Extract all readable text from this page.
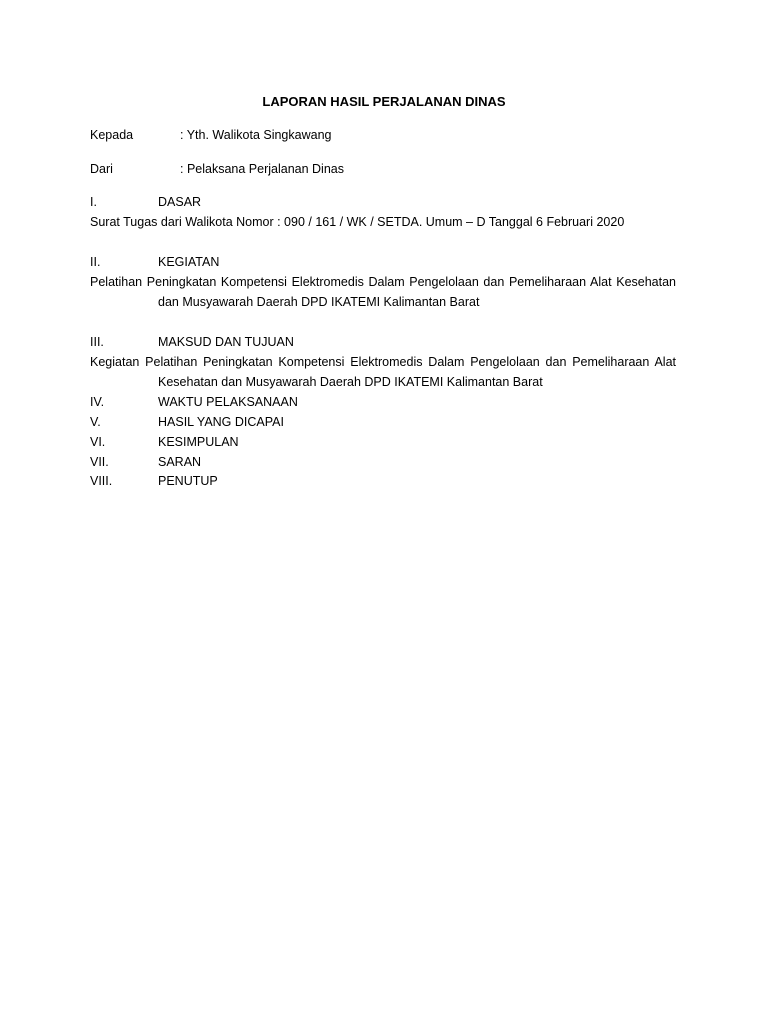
LAPORAN HASIL PERJALANAN DINAS
Kepada	: Yth. Walikota Singkawang
Dari	: Pelaksana Perjalanan Dinas
I.	DASAR
Surat Tugas dari Walikota Nomor : 090 / 161 / WK / SETDA. Umum – D Tanggal 6 Februari 2020
II.	KEGIATAN
Pelatihan Peningkatan Kompetensi Elektromedis Dalam Pengelolaan dan Pemeliharaan Alat Kesehatan
dan Musyawarah Daerah DPD IKATEMI Kalimantan Barat
III.	MAKSUD DAN TUJUAN
Kegiatan Pelatihan Peningkatan Kompetensi Elektromedis Dalam Pengelolaan dan Pemeliharaan Alat
Kesehatan dan Musyawarah Daerah DPD IKATEMI Kalimantan Barat
IV.	WAKTU PELAKSANAAN
V.	HASIL YANG DICAPAI
VI.	KESIMPULAN
VII.	SARAN
VIII.	PENUTUP
